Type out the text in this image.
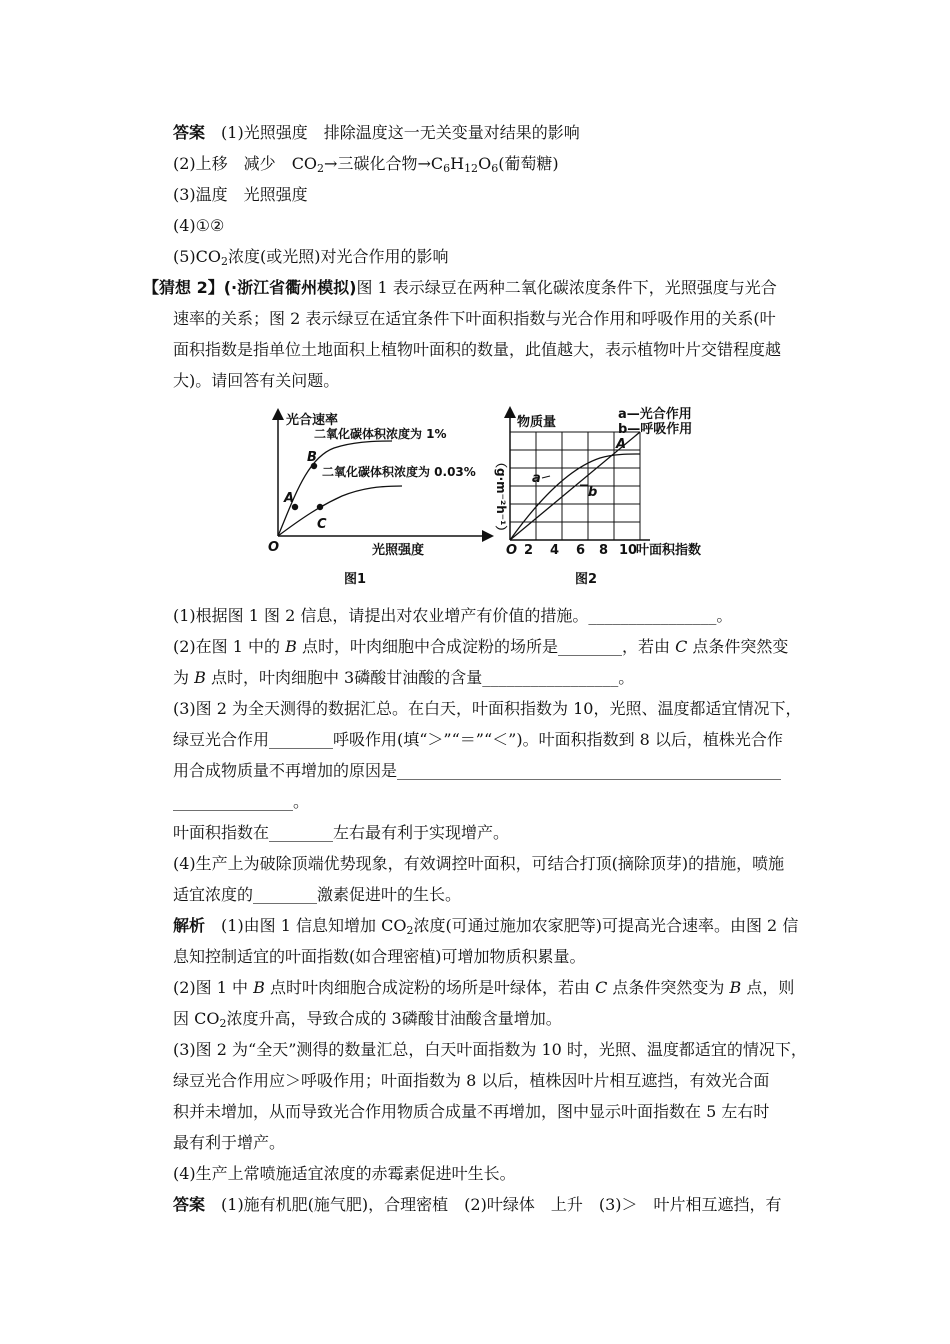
答案　 (1)光照强度　排除温度这一无关变量对结果的影响
(2)上移　减少　$CO_2\to$三碳化合物$\to C_6H_{12}O_6$(葡萄糖)
(3)温度　光照强度
(4)①②
$(5)CO_2$浓度(或光照)对光合作用的影响
【猜想 2】(·浙江省衢州模拟)图 1 表示绿豆在两种二氧化碳浓度条件下，光照强度与光合
速率的关系；图 2 表示绿豆在适宜条件下叶面积指数与光合作用和呼吸作用的关系(叶
面积指数是指单位土地面积上植物叶面积的数量，此值越大，表示植物叶片交错程度越
大)。请回答有关问题。
光合速率
光照强度
O
二氧化碳体积浓度为 1%
二氧化碳体积浓度为 0.03%
A
B
C
图1
物质量
（g·m⁻²h⁻¹）
a—光合作用
b—呼吸作用
a
b
A
O 2 4 6 8 10
叶面积指数
图2
(1)根据图 1 图 2 信息，请提出对农业增产有价值的措施。________________。
(2)在图 1 中的 B 点时，叶肉细胞中合成淀粉的场所是________，若由 C 点条件突然变
为 B 点时，叶肉细胞中 3磷酸甘油酸的含量_________________。
(3)图 2 为全天测得的数据汇总。在白天，叶面积指数为 10，光照、温度都适宜情况下，
绿豆光合作用________呼吸作用(填“＞”“＝”“＜”)。叶面积指数到 8 以后，植株光合作
用合成物质量不再增加的原因是________________________________________________
_______________。
叶面积指数在________左右最有利于实现增产。
(4)生产上为破除顶端优势现象，有效调控叶面积，可结合打顶(摘除顶芽)的措施，喷施
适宜浓度的________激素促进叶的生长。
解析　(1)由图 1 信息知增加 $CO_2$浓度(可通过施加农家肥等)可提高光合速率。由图 2 信
息知控制适宜的叶面指数(如合理密植)可增加物质积累量。
(2)图 1 中 B 点时叶肉细胞合成淀粉的场所是叶绿体，若由 C 点条件突然变为 B 点，则
因 $CO_2$浓度升高，导致合成的 3磷酸甘油酸含量增加。
(3)图 2 为“全天”测得的数量汇总，白天叶面指数为 10 时，光照、温度都适宜的情况下，
绿豆光合作用应＞呼吸作用；叶面指数为 8 以后，植株因叶片相互遮挡，有效光合面
积并未增加，从而导致光合作用物质合成量不再增加，图中显示叶面指数在 5 左右时
最有利于增产。
(4)生产上常喷施适宜浓度的赤霉素促进叶生长。
答案　(1)施有机肥(施气肥)，合理密植　(2)叶绿体　上升　(3)＞　叶片相互遮挡，有
